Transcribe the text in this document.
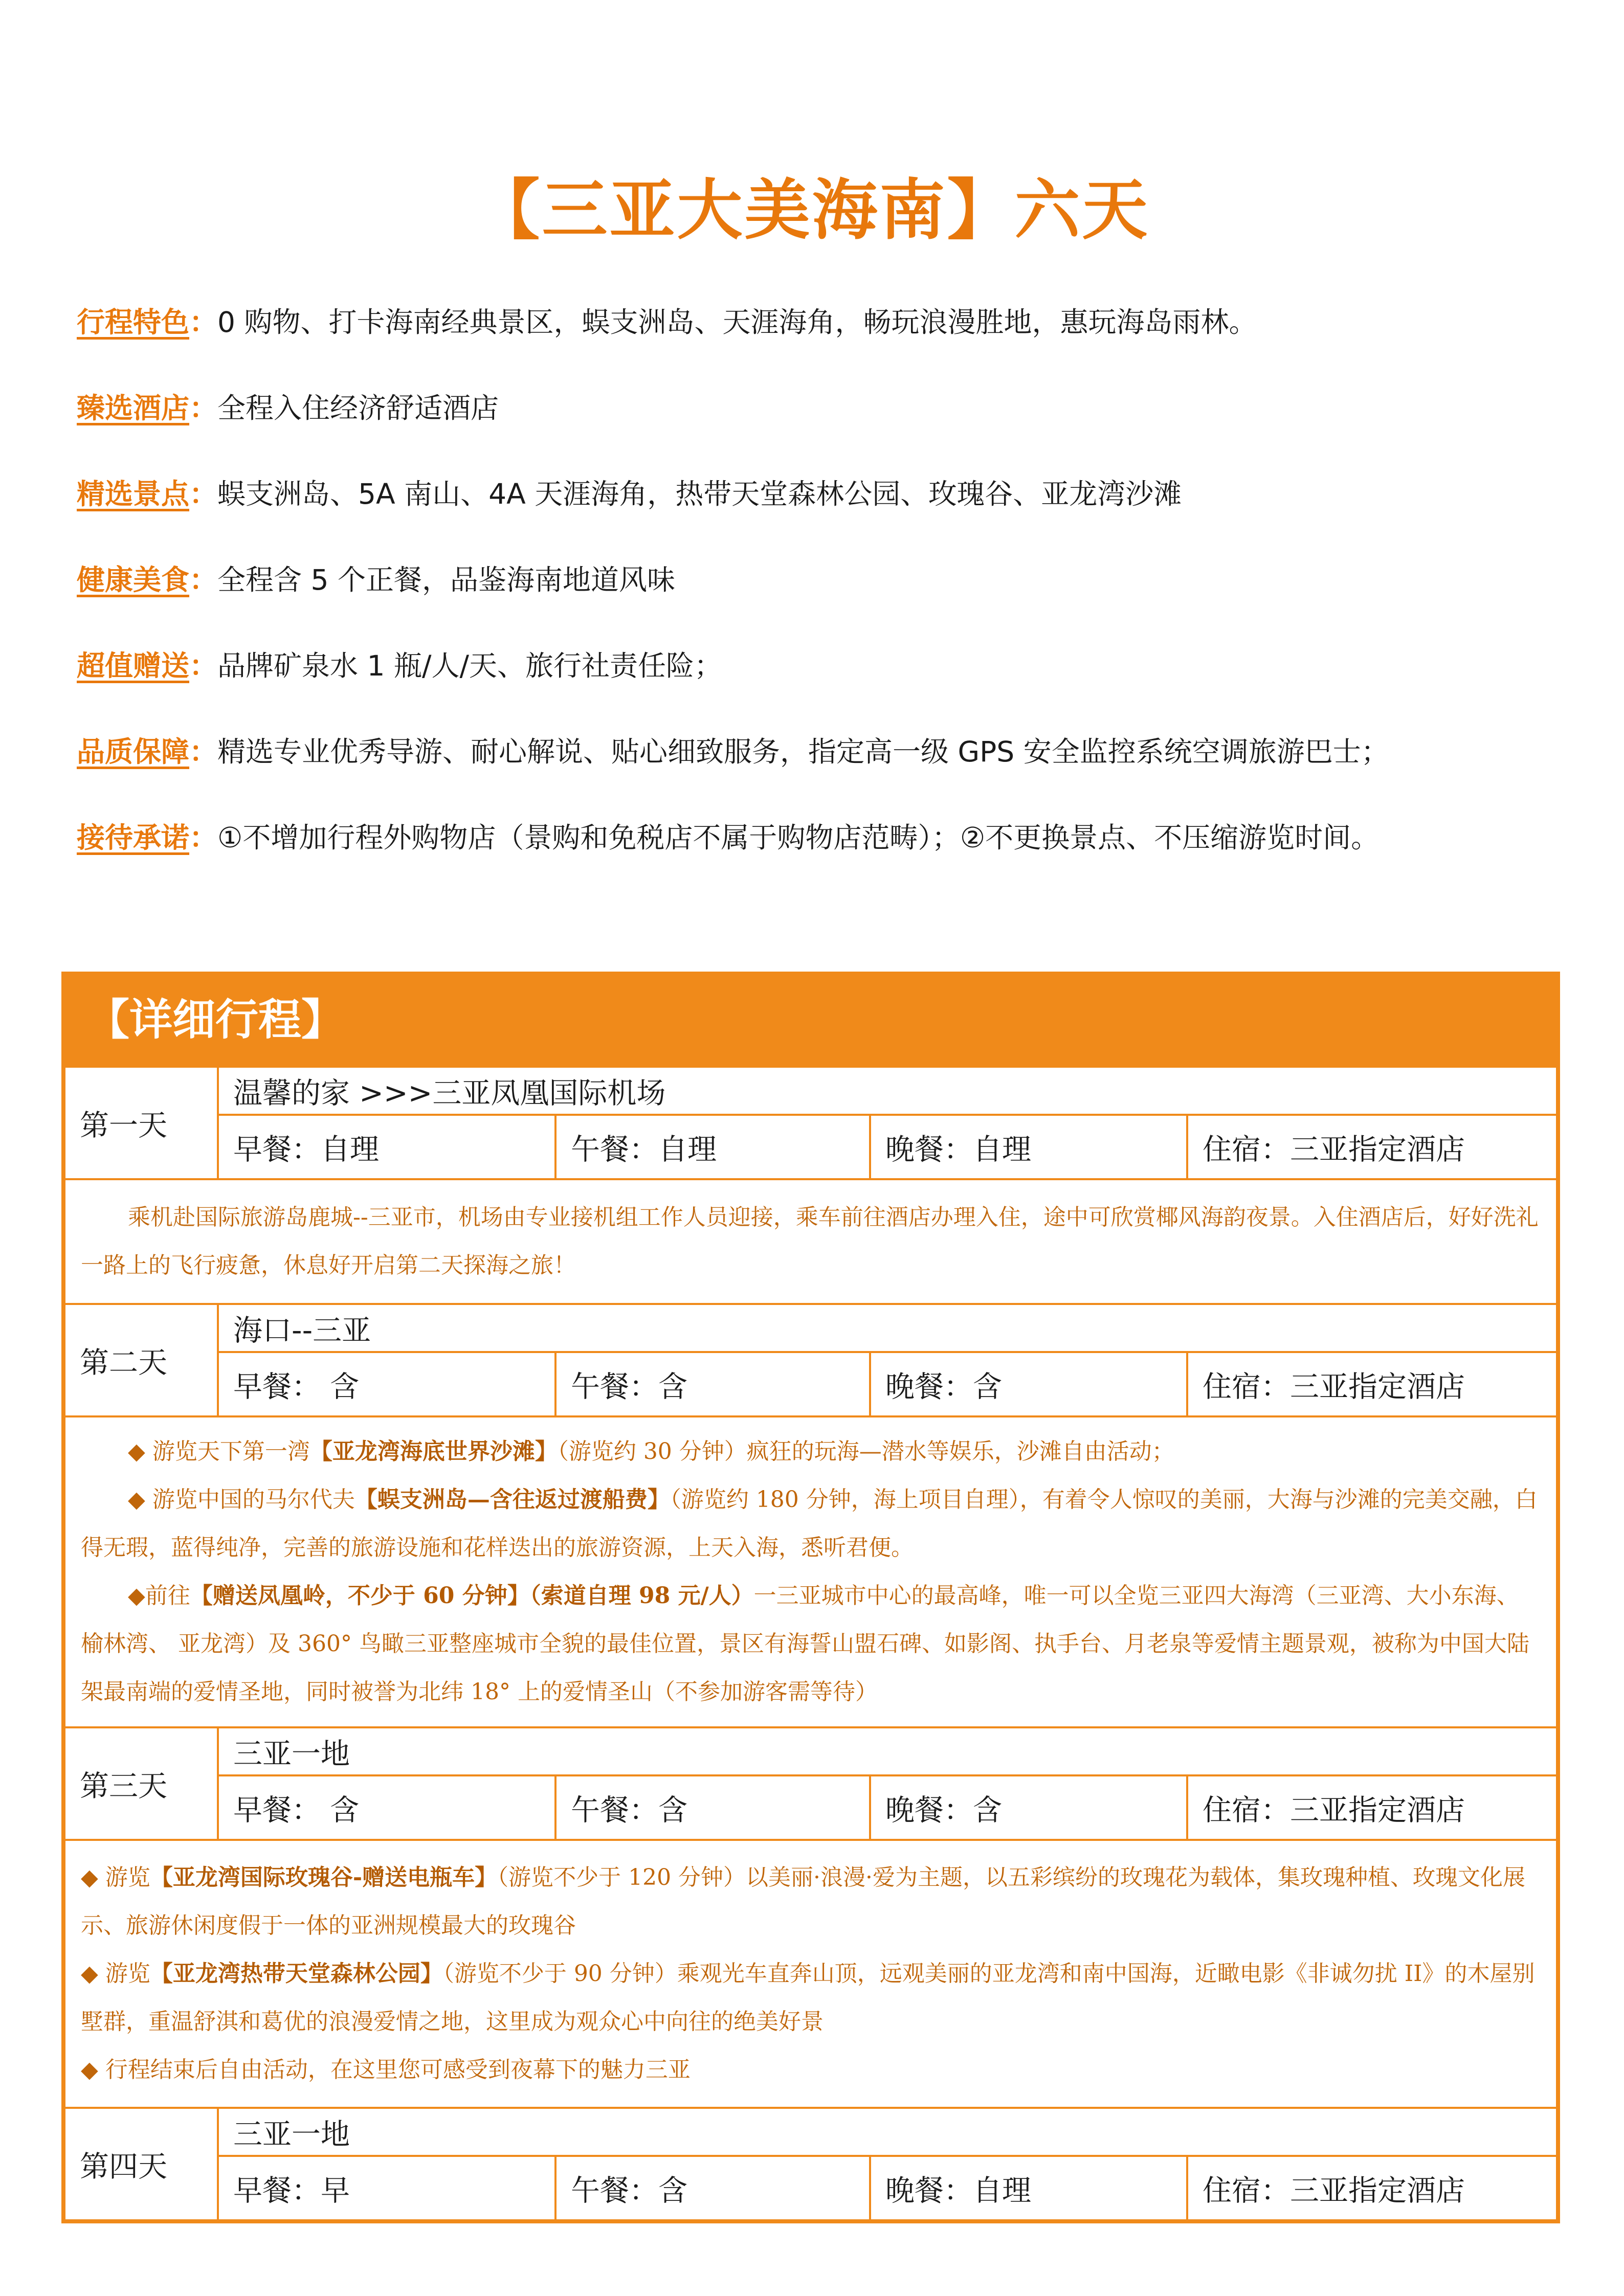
【三亚大美海南】六天
行程特色：0 购物、打卡海南经典景区，蜈支洲岛、天涯海角，畅玩浪漫胜地，惠玩海岛雨林。
臻选酒店：全程入住经济舒适酒店
精选景点：蜈支洲岛、5A 南山、4A 天涯海角，热带天堂森林公园、玫瑰谷、亚龙湾沙滩
健康美食：全程含 5 个正餐，品鉴海南地道风味
超值赠送：品牌矿泉水 1 瓶/人/天、旅行社责任险；
品质保障：精选专业优秀导游、耐心解说、贴心细致服务，指定高一级 GPS 安全监控系统空调旅游巴士；
接待承诺：①不增加行程外购物店（景购和免税店不属于购物店范畴）；②不更换景点、不压缩游览时间。
【详细行程】
第一天	温馨的家 >>>三亚凤凰国际机场			
	早餐：自理	午餐：自理	晚餐：自理	住宿：三亚指定酒店

乘机赴国际旅游岛鹿城--三亚市，机场由专业接机组工作人员迎接，乘车前往酒店办理入住，途中可欣赏椰风海韵夜景。入住酒店后，好好洗礼一路上的飞行疲惫，休息好开启第二天探海之旅！				

第二天	海口--三亚			
	早餐： 含	午餐：含	晚餐：含	住宿：三亚指定酒店

◆ 游览天下第一湾【亚龙湾海底世界沙滩】（游览约 30 分钟）疯狂的玩海—潜水等娱乐，沙滩自由活动；

◆ 游览中国的马尔代夫【蜈支洲岛—含往返过渡船费】（游览约 180 分钟，海上项目自理），有着令人惊叹的美丽，大海与沙滩的完美交融，白得无瑕，蓝得纯净，完善的旅游设施和花样迭出的旅游资源，上天入海，悉听君便。

◆前往【赠送凤凰岭，不少于 60 分钟】（索道自理 98 元/人）一三亚城市中心的最高峰，唯一可以全览三亚四大海湾（三亚湾、大小东海、榆林湾、 亚龙湾）及 360° 鸟瞰三亚整座城市全貌的最佳位置，景区有海誓山盟石碑、如影阁、执手台、月老泉等爱情主题景观，被称为中国大陆架最南端的爱情圣地，同时被誉为北纬 18° 上的爱情圣山（不参加游客需等待）				

第三天	三亚一地			
	早餐： 含	午餐：含	晚餐：含	住宿：三亚指定酒店

◆ 游览【亚龙湾国际玫瑰谷-赠送电瓶车】（游览不少于 120 分钟）以美丽·浪漫·爱为主题，以五彩缤纷的玫瑰花为载体，集玫瑰种植、玫瑰文化展示、旅游休闲度假于一体的亚洲规模最大的玫瑰谷

◆ 游览【亚龙湾热带天堂森林公园】（游览不少于 90 分钟）乘观光车直奔山顶，远观美丽的亚龙湾和南中国海，近瞰电影《非诚勿扰 II》的木屋别墅群，重温舒淇和葛优的浪漫爱情之地，这里成为观众心中向往的绝美好景

◆ 行程结束后自由活动，在这里您可感受到夜幕下的魅力三亚				

第四天	三亚一地			
	早餐：早	午餐：含	晚餐：自理	住宿：三亚指定酒店
